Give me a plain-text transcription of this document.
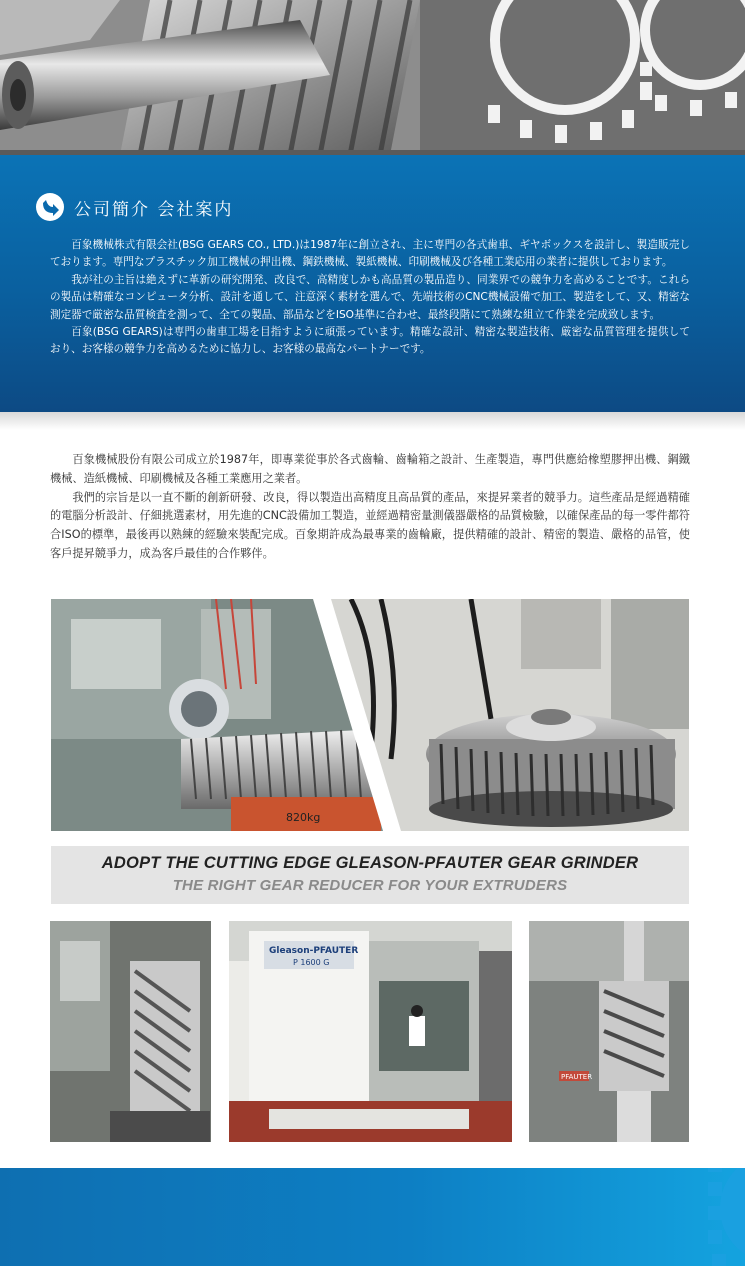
公司簡介 会社案内

百象機械株式有限会社(BSG GEARS CO., LTD.)は1987年に創立され、主に専門の各式歯車、ギヤボックスを設計し、製造販売しております。専門なプラスチック加工機械の押出機、鋼鉄機械、製紙機械、印刷機械及び各種工業応用の業者に提供しております。

我が社の主旨は絶えずに革新の研究開発、改良で、高精度しかも高品質の製品造り、同業界での競争力を高めることです。これらの製品は精確なコンピュータ分析、設計を通して、注意深く素材を選んで、先端技術のCNC機械設備で加工、製造をして、又、精密な測定器で厳密な品質検査を測って、全ての製品、部品などをISO基準に合わせ、最終段階にて熟練な組立て作業を完成致します。

百象(BSG GEARS)は専門の歯車工場を目指すように頑張っています。精確な設計、精密な製造技術、厳密な品質管理を提供しており、お客様の競争力を高めるために協力し、お客様の最高なパートナーです。

百象機械股份有限公司成立於1987年，即專業從事於各式齒輪、齒輪箱之設計、生產製造，專門供應給橡塑膠押出機、鋼鐵機械、造紙機械、印刷機械及各種工業應用之業者。

我們的宗旨是以一直不斷的創新研發、改良，得以製造出高精度且高品質的產品，來提昇業者的競爭力。這些產品是經過精確的電腦分析設計、仔細挑選素材，用先進的CNC設備加工製造，並經過精密量測儀器嚴格的品質檢驗，以確保產品的每一零件都符合ISO的標準，最後再以熟練的經驗來裝配完成。百象期許成為最專業的齒輪廠，提供精確的設計、精密的製造、嚴格的品管，使客戶提昇競爭力，成為客戶最佳的合作夥伴。

820kg
ADOPT THE CUTTING EDGE GLEASON-PFAUTER GEAR GRINDER
THE RIGHT GEAR REDUCER FOR YOUR EXTRUDERS
Gleason-PFAUTER
P 1600 G
PFAUTER
